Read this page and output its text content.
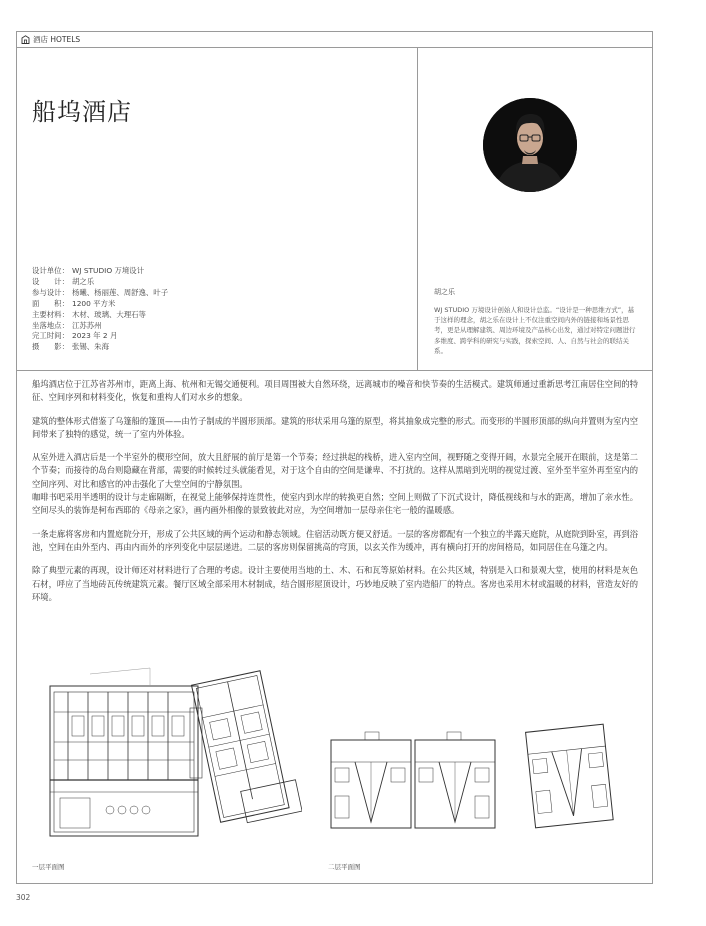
酒店 HOTELS
船坞酒店
设计单位： WJ STUDIO 万境设计
设　　计： 胡之乐
参与设计： 杨曦、杨丽莲、周舒逸、叶子
面　　积： 1200 平方米
主要材料： 木材、玻璃、大理石等
坐落地点： 江苏苏州
完工时间： 2023 年 2 月
摄　　影： 张锡、朱海
胡之乐
WJ STUDIO 万境设计创始人和设计总监。“设计是一种思维方式”，基于这样的理念，胡之乐在设计上不仅注重空间内外的链接和场景性思考，更是从理解建筑、周边环境及产品核心出发，通过对特定问题进行多维度、跨学科的研究与实践，探索空间、人、自然与社会的联结关系。

船坞酒店位于江苏省苏州市，距离上海、杭州和无锡交通便利。项目周围被大自然环绕，远离城市的噪音和快节奏的生活模式。建筑师通过重新思考江南居住空间的特征、空间序列和材料变化，恢复和重构人们对水乡的想象。

建筑的整体形式借鉴了乌篷船的篷顶——由竹子制成的半圆形顶部。建筑的形状采用乌篷的原型，将其抽象成完整的形式。而变形的半圆形顶部的纵向并置则为室内空间带来了独特的感觉，统一了室内外体验。

从室外进入酒店后是一个半室外的楔形空间，放大且舒展的前厅是第一个节奏；经过拱起的栈桥，进入室内空间，视野随之变得开阔，水景完全展开在眼前，这是第二个节奏；而接待的岛台则隐藏在背部，需要的时候转过头就能看见，对于这个自由的空间是谦卑、不打扰的。这样从黑暗到光明的视觉过渡、室外至半室外再至室内的空间序列、对比和感官的冲击强化了大堂空间的宁静氛围。

咖啡书吧采用半透明的设计与走廊隔断，在视觉上能够保持连贯性，使室内到水岸的转换更自然；空间上则做了下沉式设计，降低视线和与水的距离，增加了亲水性。空间尽头的装饰是柯布西耶的《母亲之家》，画内画外相像的景致彼此对应，为空间增加一层母亲住宅一般的温暖感。

一条走廊将客房和内置庭院分开，形成了公共区域的两个运动和静态领域。住宿活动既方便又舒适。一层的客房都配有一个独立的半露天庭院，从庭院到卧室，再到浴池，空间在由外至内、再由内而外的序列变化中层层递进。二层的客房则保留挑高的穹顶，以玄关作为缓冲，再有横向打开的房间格局，如同居住在乌篷之内。

除了典型元素的再现，设计师还对材料进行了合理的考虑。设计主要使用当地的土、木、石和瓦等原始材料。在公共区域，特别是入口和景观大堂，使用的材料是灰色石材，呼应了当地砖瓦传统建筑元素。餐厅区域全部采用木材制成，结合圆形屋顶设计，巧妙地反映了室内造船厂的特点。客房也采用木材或温暖的材料，营造友好的环境。

一层平面图	二层平面图
302
